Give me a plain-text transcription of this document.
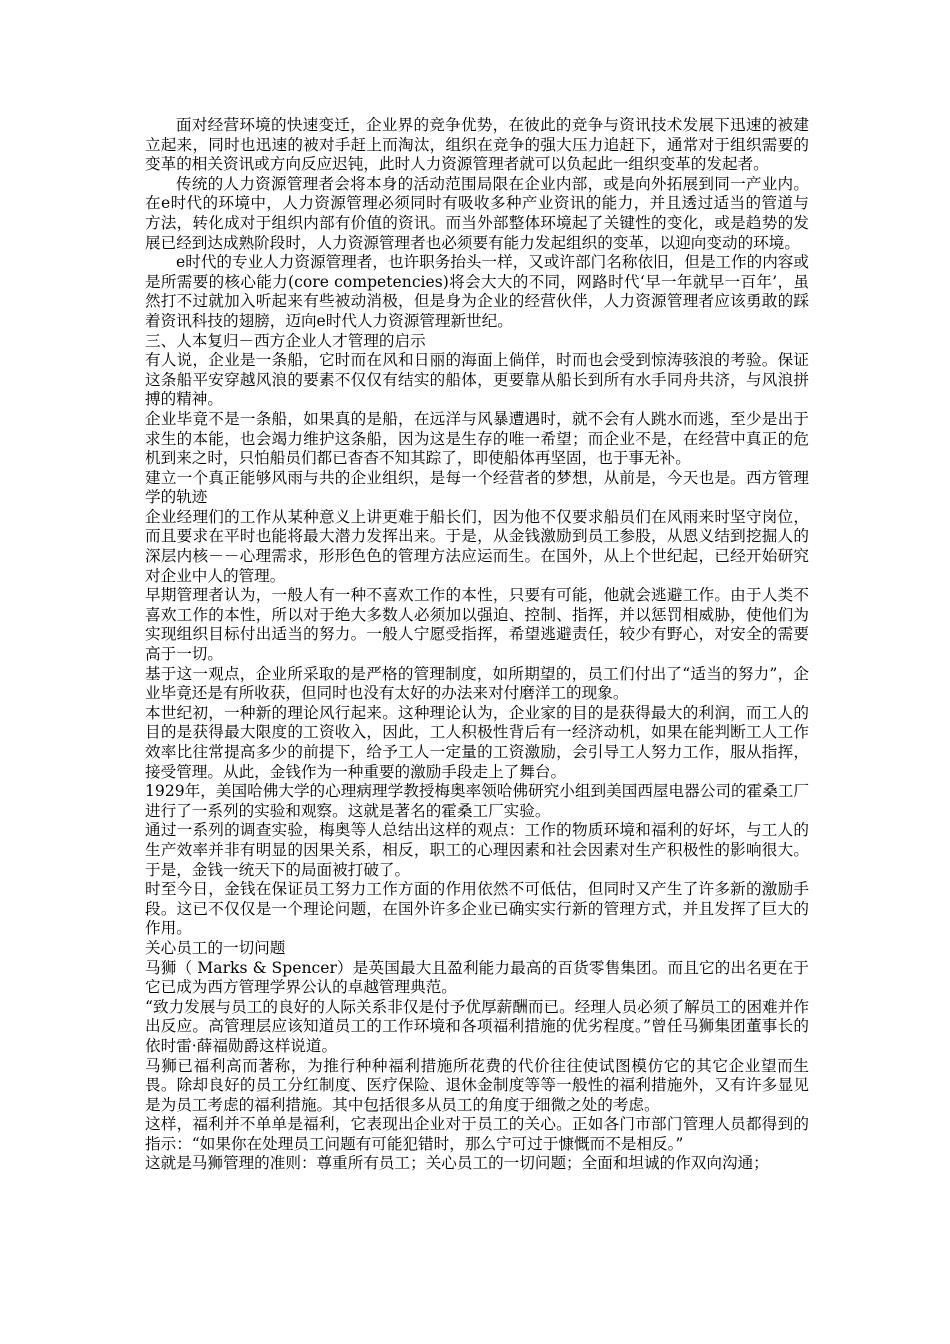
面对经营环境的快速变迁，企业界的竞争优势，在彼此的竞争与资讯技术发展下迅速的被建立起来，同时也迅速的被对手赶上而淘汰，组织在竞争的强大压力追赶下，通常对于组织需要的变革的相关资讯或方向反应迟钝，此时人力资源管理者就可以负起此一组织变革的发起者。

传统的人力资源管理者会将本身的活动范围局限在企业内部，或是向外拓展到同一产业内。在e时代的环境中，人力资源管理必须同时有吸收多种产业资讯的能力，并且透过适当的管道与方法，转化成对于组织内部有价值的资讯。而当外部整体环境起了关键性的变化，或是趋势的发展已经到达成熟阶段时，人力资源管理者也必须要有能力发起组织的变革，以迎向变动的环境。

e时代的专业人力资源管理者，也许职务抬头一样，又或许部门名称依旧，但是工作的内容或是所需要的核心能力(core competencies)将会大大的不同，网路时代‘早一年就早一百年’，虽然打不过就加入听起来有些被动消极，但是身为企业的经营伙伴，人力资源管理者应该勇敢的踩着资讯科技的翅膀，迈向e时代人力资源管理新世纪。

三、人本复归－西方企业人才管理的启示

有人说，企业是一条船，它时而在风和日丽的海面上倘佯，时而也会受到惊涛骇浪的考验。保证这条船平安穿越风浪的要素不仅仅有结实的船体，更要靠从船长到所有水手同舟共济，与风浪拼搏的精神。

企业毕竟不是一条船，如果真的是船，在远洋与风暴遭遇时，就不会有人跳水而逃，至少是出于求生的本能，也会竭力维护这条船，因为这是生存的唯一希望；而企业不是，在经营中真正的危机到来之时，只怕船员们都已杳杳不知其踪了，即使船体再坚固，也于事无补。

建立一个真正能够风雨与共的企业组织，是每一个经营者的梦想，从前是，今天也是。西方管理学的轨迹

企业经理们的工作从某种意义上讲更难于船长们，因为他不仅要求船员们在风雨来时坚守岗位，而且要求在平时也能将最大潜力发挥出来。于是，从金钱激励到员工参股，从恩义结到挖掘人的深层内核－－心理需求，形形色色的管理方法应运而生。在国外，从上个世纪起，已经开始研究对企业中人的管理。

早期管理者认为，一般人有一种不喜欢工作的本性，只要有可能，他就会逃避工作。由于人类不喜欢工作的本性，所以对于绝大多数人必须加以强迫、控制、指挥，并以惩罚相威胁，使他们为实现组织目标付出适当的努力。一般人宁愿受指挥，希望逃避责任，较少有野心，对安全的需要高于一切。

基于这一观点，企业所采取的是严格的管理制度，如所期望的，员工们付出了“适当的努力”，企业毕竟还是有所收获，但同时也没有太好的办法来对付磨洋工的现象。

本世纪初，一种新的理论风行起来。这种理论认为，企业家的目的是获得最大的利润，而工人的目的是获得最大限度的工资收入，因此，工人积极性背后有一经济动机，如果在能判断工人工作效率比往常提高多少的前提下，给予工人一定量的工资激励，会引导工人努力工作，服从指挥，接受管理。从此，金钱作为一种重要的激励手段走上了舞台。

1929年，美国哈佛大学的心理病理学教授梅奥率领哈佛研究小组到美国西屋电器公司的霍桑工厂进行了一系列的实验和观察。这就是著名的霍桑工厂实验。

通过一系列的调查实验，梅奥等人总结出这样的观点：工作的物质环境和福利的好坏，与工人的生产效率并非有明显的因果关系，相反，职工的心理因素和社会因素对生产积极性的影响很大。于是，金钱一统天下的局面被打破了。

时至今日，金钱在保证员工努力工作方面的作用依然不可低估，但同时又产生了许多新的激励手段。这已不仅仅是一个理论问题，在国外许多企业已确实实行新的管理方式，并且发挥了巨大的作用。

关心员工的一切问题

马狮（ Marks & Spencer）是英国最大且盈利能力最高的百货零售集团。而且它的出名更在于它已成为西方管理学界公认的卓越管理典范。

“致力发展与员工的良好的人际关系非仅是付予优厚薪酬而已。经理人员必须了解员工的困难并作出反应。高管理层应该知道员工的工作环境和各项福利措施的优劣程度。”曾任马狮集团董事长的依时雷·薛福勋爵这样说道。

马狮已福利高而著称，为推行种种福利措施所花费的代价往往使试图模仿它的其它企业望而生畏。除却良好的员工分红制度、医疗保险、退休金制度等等一般性的福利措施外，又有许多显见是为员工考虑的福利措施。其中包括很多从员工的角度于细微之处的考虑。

这样，福利并不单单是福利，它表现出企业对于员工的关心。正如各门市部门管理人员都得到的指示：“如果你在处理员工问题有可能犯错时，那么宁可过于慷慨而不是相反。”

这就是马狮管理的准则：尊重所有员工；关心员工的一切问题；全面和坦诚的作双向沟通；
